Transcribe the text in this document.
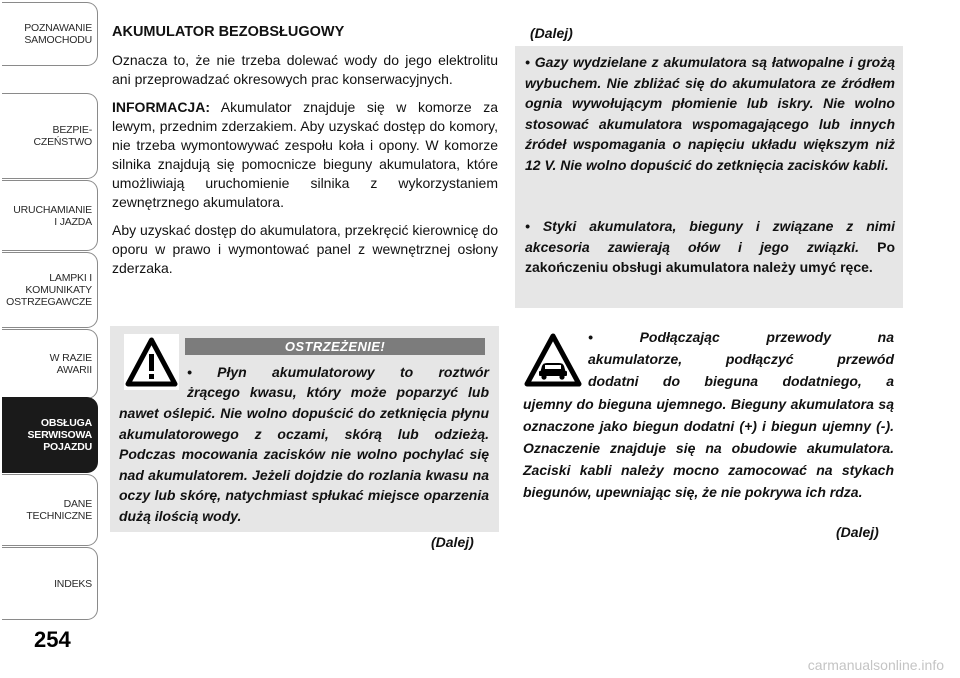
POZNAWANIE
SAMOCHODU
BEZPIE-
CZEŃSTWO
URUCHAMIANIE
I JAZDA
LAMPKI I
KOMUNIKATY
OSTRZEGAWCZE
W RAZIE
AWARII
OBSŁUGA
SERWISOWA
POJAZDU
DANE
TECHNICZNE
INDEKS
254

AKUMULATOR BEZOBSŁUGOWY

Oznacza to, że nie trzeba dolewać wody do jego elektrolitu ani przeprowadzać okresowych prac konserwacyjnych.

INFORMACJA: Akumulator znajduje się w komorze za lewym, przednim zderzakiem. Aby uzyskać dostęp do komory, nie trzeba wymontowywać zespołu koła i opony. W komorze silnika znajdują się pomocnicze bieguny akumulatora, które umożliwiają uruchomienie silnika z wykorzystaniem zewnętrznego akumulatora.

Aby uzyskać dostęp do akumulatora, przekręcić kierownicę do oporu w prawo i wymontować panel z wewnętrznej osłony zderzaka.

OSTRZEŻENIE!
• Płyn akumulatorowy to roztwór
żrącego kwasu, który może poparzyć lub
nawet oślepić. Nie wolno dopuścić do zetknięcia płynu akumulatorowego z oczami, skórą lub odzieżą. Podczas mocowania zacisków nie wolno pochylać się nad akumulatorem. Jeżeli dojdzie do rozlania kwasu na oczy lub skórę, natychmiast spłukać miejsce oparzenia dużą ilością wody.
(Dalej)
(Dalej)
• Gazy wydzielane z akumulatora są łatwopalne i grożą wybuchem. Nie zbliżać się do akumulatora ze źródłem ognia wywołującym płomienie lub iskry. Nie wolno stosować akumulatora wspomagającego lub innych źródeł wspomagania o napięciu układu większym niż 12 V. Nie wolno dopuścić do zetknięcia zacisków kabli.
• Styki akumulatora, bieguny i związane z nimi akcesoria zawierają ołów i jego związki. Po zakończeniu obsługi akumulatora należy umyć ręce.
• Podłączając przewody na
akumulatorze, podłączyć przewód
dodatni do bieguna dodatniego, a
ujemny do bieguna ujemnego. Bieguny akumulatora są oznaczone jako biegun dodatni (+) i biegun ujemny (-). Oznaczenie znajduje się na obudowie akumulatora. Zaciski kabli należy mocno zamocować na stykach biegunów, upewniając się, że nie pokrywa ich rdza.
(Dalej)
carmanualsonline.info
